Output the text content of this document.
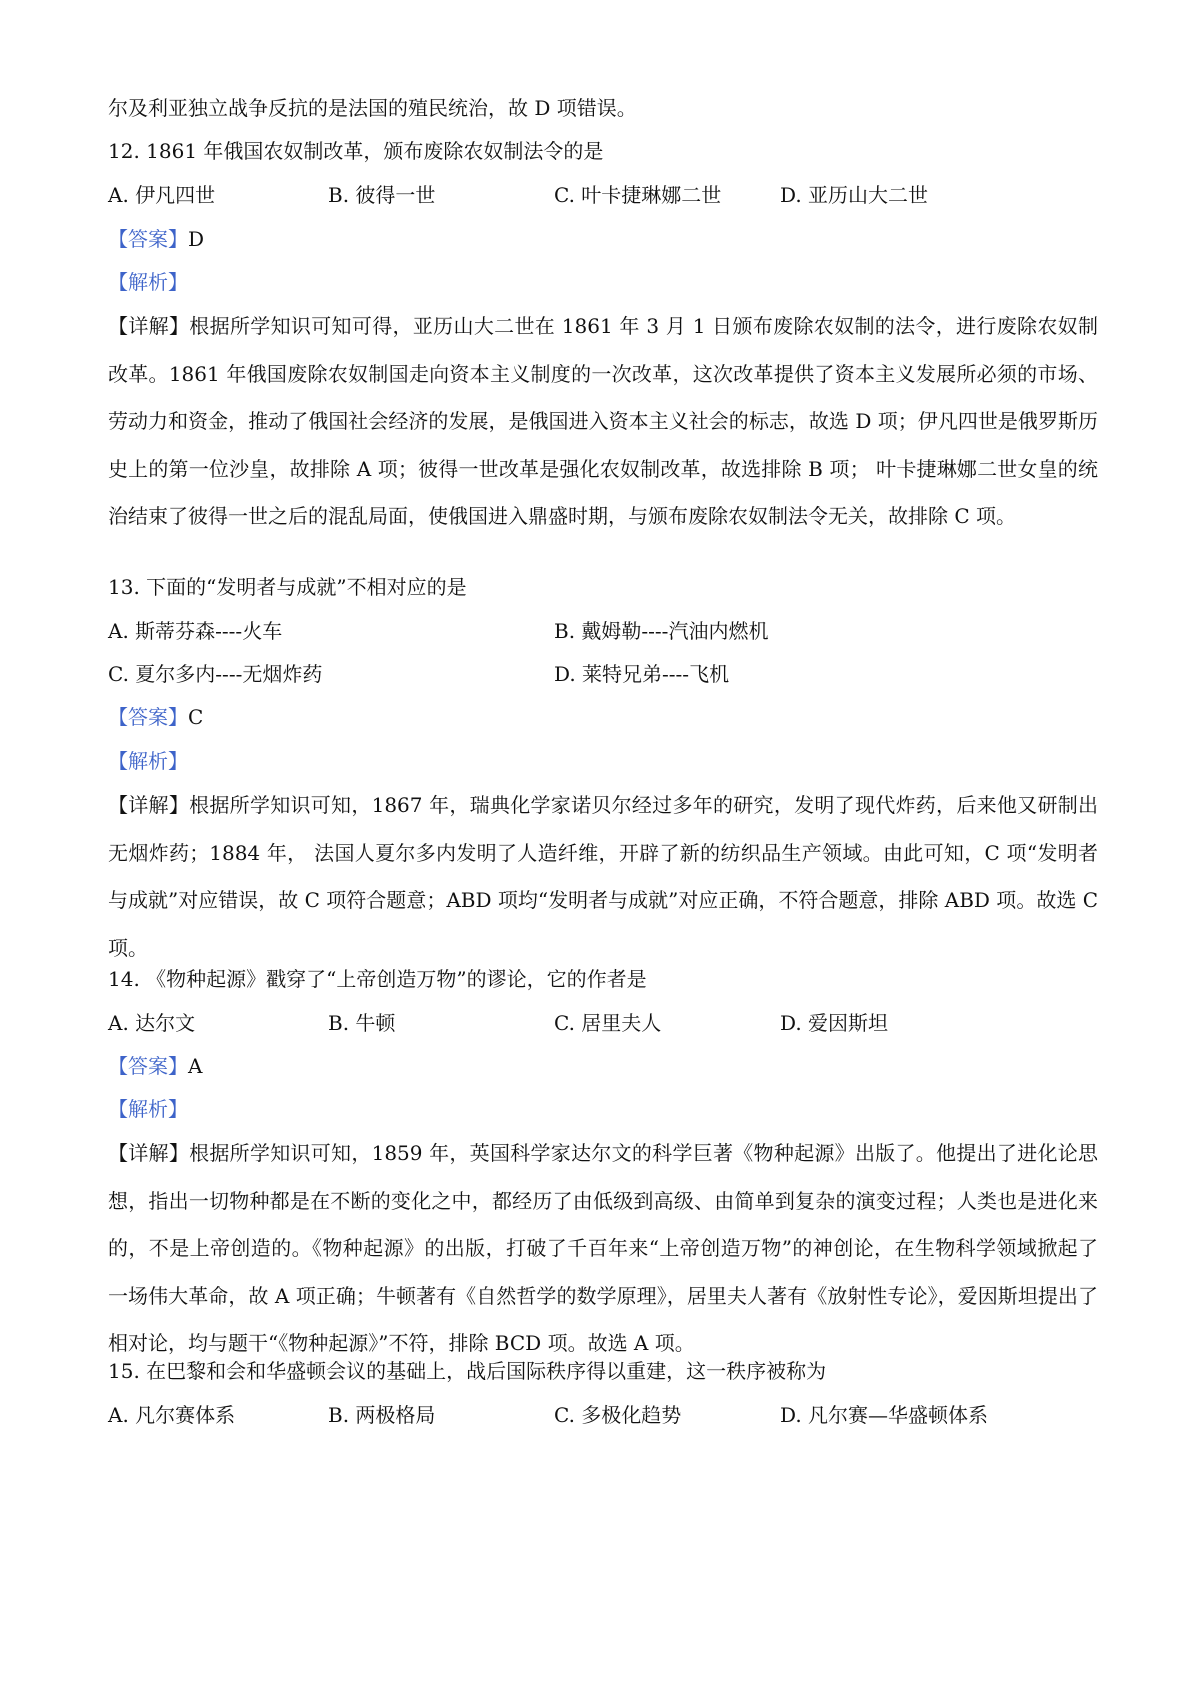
尔及利亚独立战争反抗的是法国的殖民统治，故 D 项错误。
12. 1861 年俄国农奴制改革，颁布废除农奴制法令的是
A. 伊凡四世	B. 彼得一世	C. 叶卡捷琳娜二世	D. 亚历山大二世
【答案】D
【解析】
【详解】根据所学知识可知可得，亚历山大二世在 1861 年 3 月 1 日颁布废除农奴制的法令，进行废除农奴制改革。1861 年俄国废除农奴制国走向资本主义制度的一次改革，这次改革提供了资本主义发展所必须的市场、劳动力和资金，推动了俄国社会经济的发展，是俄国进入资本主义社会的标志，故选 D 项；伊凡四世是俄罗斯历史上的第一位沙皇，故排除 A 项；彼得一世改革是强化农奴制改革，故选排除 B 项； 叶卡捷琳娜二世女皇的统治结束了彼得一世之后的混乱局面，使俄国进入鼎盛时期，与颁布废除农奴制法令无关，故排除 C 项。
13. 下面的“发明者与成就”不相对应的是
A. 斯蒂芬森----火车	B. 戴姆勒----汽油内燃机
C. 夏尔多内----无烟炸药	D. 莱特兄弟----飞机
【答案】C
【解析】
【详解】根据所学知识可知，1867 年，瑞典化学家诺贝尔经过多年的研究，发明了现代炸药，后来他又研制出无烟炸药；1884 年， 法国人夏尔多内发明了人造纤维，开辟了新的纺织品生产领域。由此可知，C 项“发明者与成就”对应错误，故 C 项符合题意；ABD 项均“发明者与成就”对应正确，不符合题意，排除 ABD 项。故选 C 项。
14. 《物种起源》戳穿了“上帝创造万物”的谬论，它的作者是
A. 达尔文	B. 牛顿	C. 居里夫人	D. 爱因斯坦
【答案】A
【解析】
【详解】根据所学知识可知，1859 年，英国科学家达尔文的科学巨著《物种起源》出版了。他提出了进化论思想，指出一切物种都是在不断的变化之中，都经历了由低级到高级、由简单到复杂的演变过程；人类也是进化来的，不是上帝创造的。《物种起源》的出版，打破了千百年来“上帝创造万物”的神创论，在生物科学领域掀起了一场伟大革命，故 A 项正确；牛顿著有《自然哲学的数学原理》，居里夫人著有《放射性专论》，爱因斯坦提出了相对论，均与题干“《物种起源》”不符，排除 BCD 项。故选 A 项。
15. 在巴黎和会和华盛顿会议的基础上，战后国际秩序得以重建，这一秩序被称为
A. 凡尔赛体系	B. 两极格局	C. 多极化趋势	D. 凡尔赛—华盛顿体系
